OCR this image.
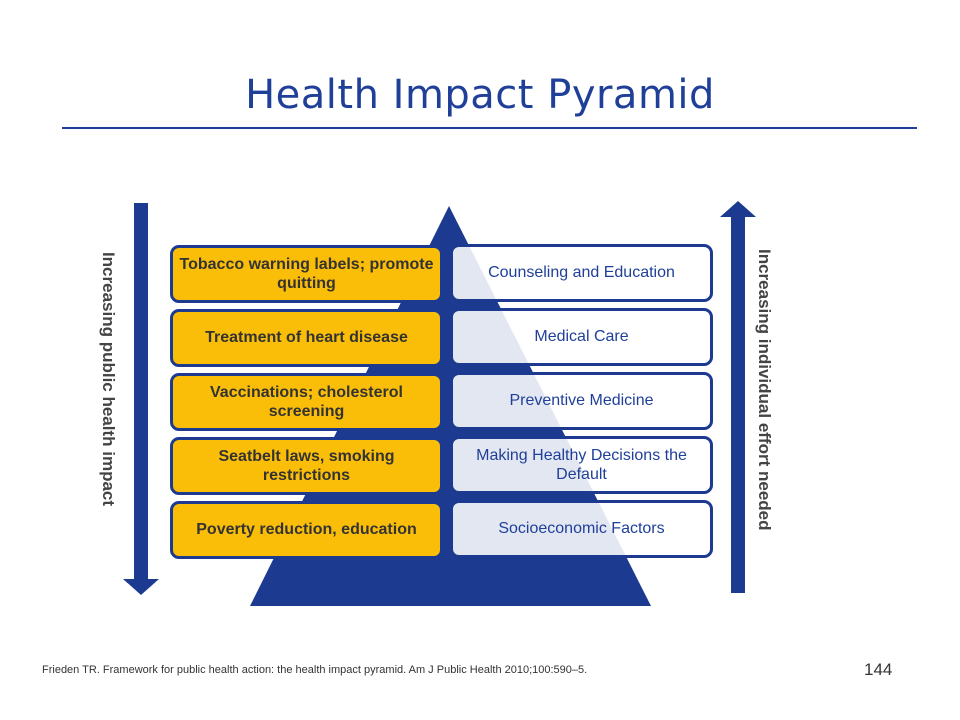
Health Impact Pyramid
Increasing public health impact	Increasing individual effort needed
Tobacco warning labels; promote quitting
Treatment of heart disease
Vaccinations; cholesterol screening
Seatbelt laws, smoking restrictions
Poverty reduction, education
Counseling and Education
Medical Care
Preventive Medicine
Making Healthy Decisions the Default
Socioeconomic Factors
Frieden TR. Framework for public health action: the health impact pyramid. Am J Public Health 2010;100:590–5.	144
